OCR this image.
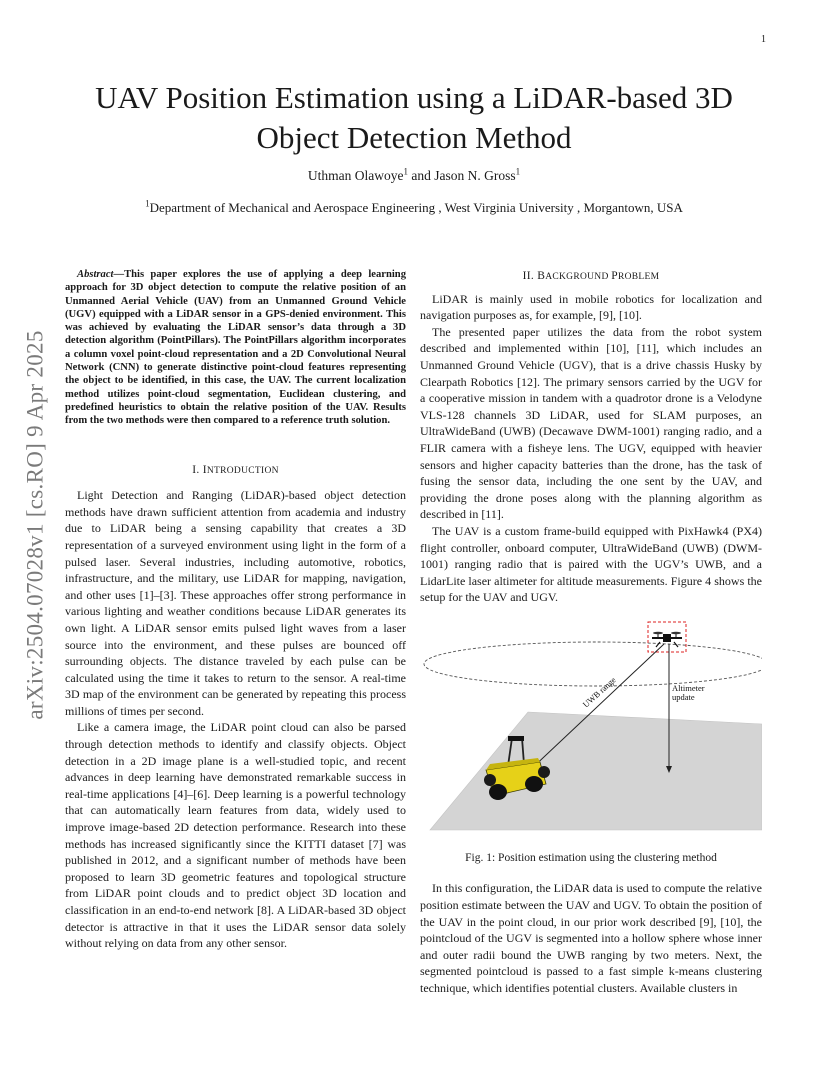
1
arXiv:2504.07028v1 [cs.RO] 9 Apr 2025
UAV Position Estimation using a LiDAR-based 3D
Object Detection Method
Uthman Olawoye$^1$ and Jason N. Gross$^1$
$^1$Department of Mechanical and Aerospace Engineering , West Virginia University , Morgantown, USA

Abstract—This paper explores the use of applying a deep learning approach for 3D object detection to compute the relative position of an Unmanned Aerial Vehicle (UAV) from an Unmanned Ground Vehicle (UGV) equipped with a LiDAR sensor in a GPS-denied environment. This was achieved by evaluating the LiDAR sensor’s data through a 3D detection algorithm (PointPillars). The PointPillars algorithm incorporates a column voxel point-cloud representation and a 2D Convolutional Neural Network (CNN) to generate distinctive point-cloud features representing the object to be identified, in this case, the UAV. The current localization method utilizes point-cloud segmentation, Euclidean clustering, and predefined heuristics to obtain the relative position of the UAV. Results from the two methods were then compared to a reference truth solution.

I. INTRODUCTION

Light Detection and Ranging (LiDAR)-based object detection methods have drawn sufficient attention from academia and industry due to LiDAR being a sensing capability that creates a 3D representation of a surveyed environment using light in the form of a pulsed laser. Several industries, including automotive, robotics, infrastructure, and the military, use LiDAR for mapping, navigation, and other uses [1]–[3]. These approaches offer strong performance in various lighting and weather conditions because LiDAR generates its own light. A LiDAR sensor emits pulsed light waves from a laser source into the environment, and these pulses are bounced off surrounding objects. The distance traveled by each pulse can be calculated using the time it takes to return to the sensor. A real-time 3D map of the environment can be generated by repeating this process millions of times per second.

Like a camera image, the LiDAR point cloud can also be parsed through detection methods to identify and classify objects. Object detection in a 2D image plane is a well-studied topic, and recent advances in deep learning have demonstrated remarkable success in real-time applications [4]–[6]. Deep learning is a powerful technology that can automatically learn features from data, widely used to improve image-based 2D detection performance. Research into these methods has increased significantly since the KITTI dataset [7] was published in 2012, and a significant number of methods have been proposed to learn 3D geometric features and topological structure from LiDAR point clouds and to predict object 3D location and classification in an end-to-end network [8]. A LiDAR-based 3D object detector is attractive in that it uses the LiDAR sensor data solely without relying on data from any other sensor.

II. BACKGROUND PROBLEM

LiDAR is mainly used in mobile robotics for localization and navigation purposes as, for example, [9], [10].

The presented paper utilizes the data from the robot system described and implemented within [10], [11], which includes an Unmanned Ground Vehicle (UGV), that is a drive chassis Husky by Clearpath Robotics [12]. The primary sensors carried by the UGV for a cooperative mission in tandem with a quadrotor drone is a Velodyne VLS-128 channels 3D LiDAR, used for SLAM purposes, an UltraWideBand (UWB) (Decawave DWM-1001) ranging radio, and a FLIR camera with a fisheye lens. The UGV, equipped with heavier sensors and higher capacity batteries than the drone, has the task of fusing the sensor data, including the one sent by the UAV, and providing the drone poses along with the planning algorithm as described in [11].

The UAV is a custom frame-build equipped with PixHawk4 (PX4) flight controller, onboard computer, UltraWideBand (UWB) (DWM-1001) ranging radio that is paired with the UGV’s UWB, and a LidarLite laser altimeter for altitude measurements. Figure 4 shows the setup for the UAV and UGV.

UWB range	Altimeter
update
Fig. 1: Position estimation using the clustering method

In this configuration, the LiDAR data is used to compute the relative position estimate between the UAV and UGV. To obtain the position of the UAV in the point cloud, in our prior work described [9], [10], the pointcloud of the UGV is segmented into a hollow sphere whose inner and outer radii bound the UWB ranging by two meters. Next, the segmented pointcloud is passed to a fast simple k-means clustering technique, which identifies potential clusters. Available clusters in
